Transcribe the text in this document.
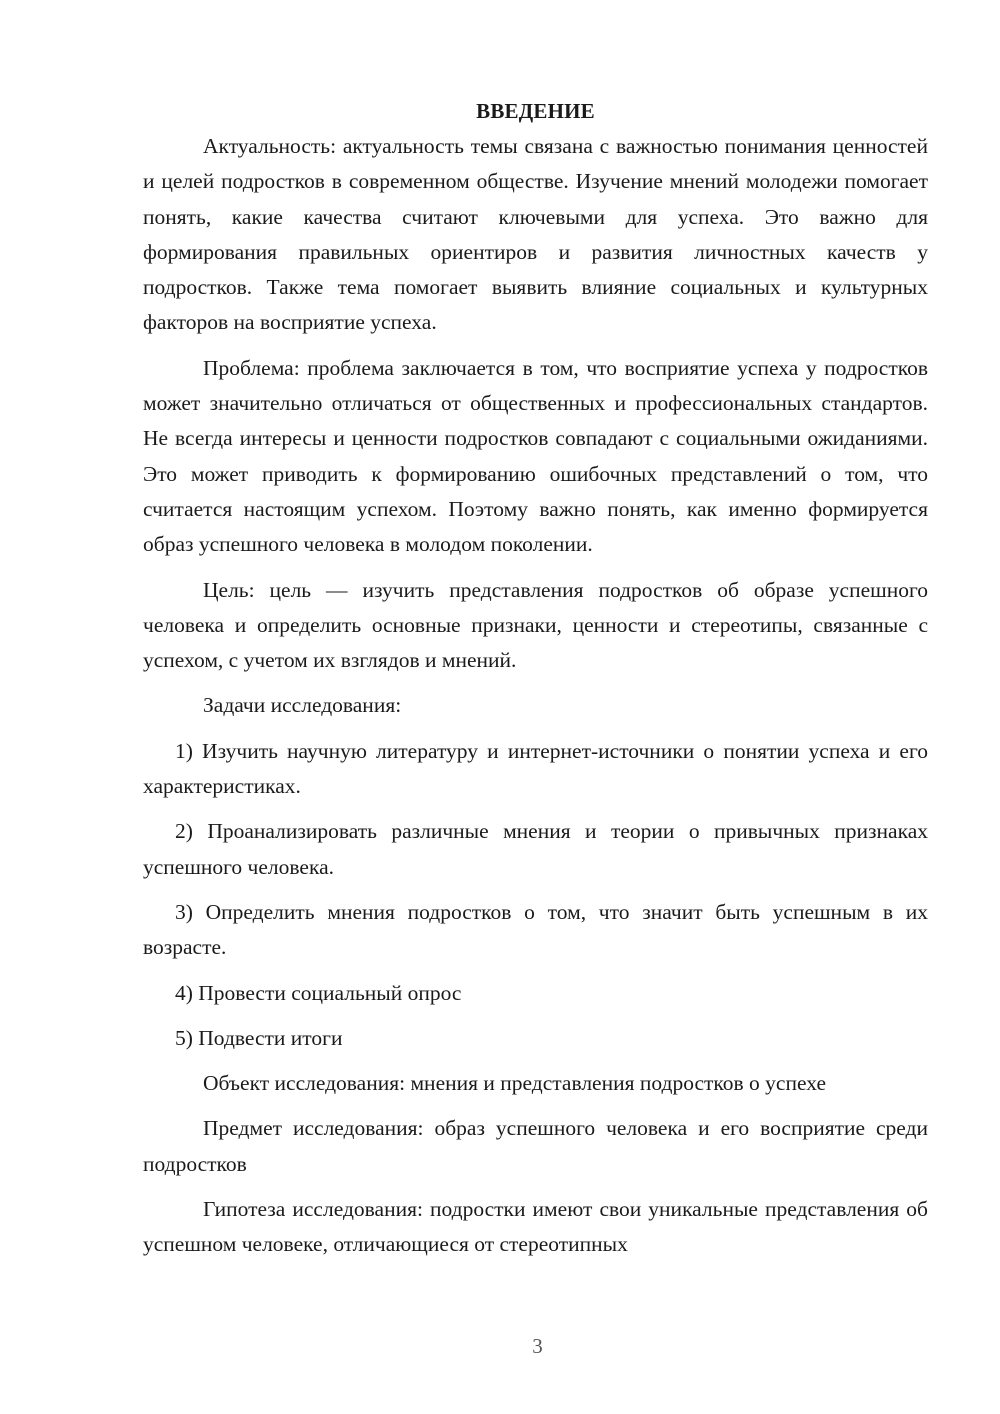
ВВЕДЕНИЕ

Актуальность: актуальность темы связана с важностью понимания ценностей и целей подростков в современном обществе. Изучение мнений молодежи помогает понять, какие качества считают ключевыми для успеха. Это важно для формирования правильных ориентиров и развития личностных качеств у подростков. Также тема помогает выявить влияние социальных и культурных факторов на восприятие успеха.

Проблема: проблема заключается в том, что восприятие успеха у подростков может значительно отличаться от общественных и профессиональных стандартов. Не всегда интересы и ценности подростков совпадают с социальными ожиданиями. Это может приводить к формированию ошибочных представлений о том, что считается настоящим успехом. Поэтому важно понять, как именно формируется образ успешного человека в молодом поколении.

Цель: цель — изучить представления подростков об образе успешного человека и определить основные признаки, ценности и стереотипы, связанные с успехом, с учетом их взглядов и мнений.

Задачи исследования:

1) Изучить научную литературу и интернет-источники о понятии успеха и его характеристиках.

2) Проанализировать различные мнения и теории о привычных признаках успешного человека.

3) Определить мнения подростков о том, что значит быть успешным в их возрасте.

4) Провести социальный опрос

5) Подвести итоги

Объект исследования: мнения и представления подростков о успехе

Предмет исследования: образ успешного человека и его восприятие среди подростков

Гипотеза исследования: подростки имеют свои уникальные представления об успешном человеке, отличающиеся от стереотипных

3
